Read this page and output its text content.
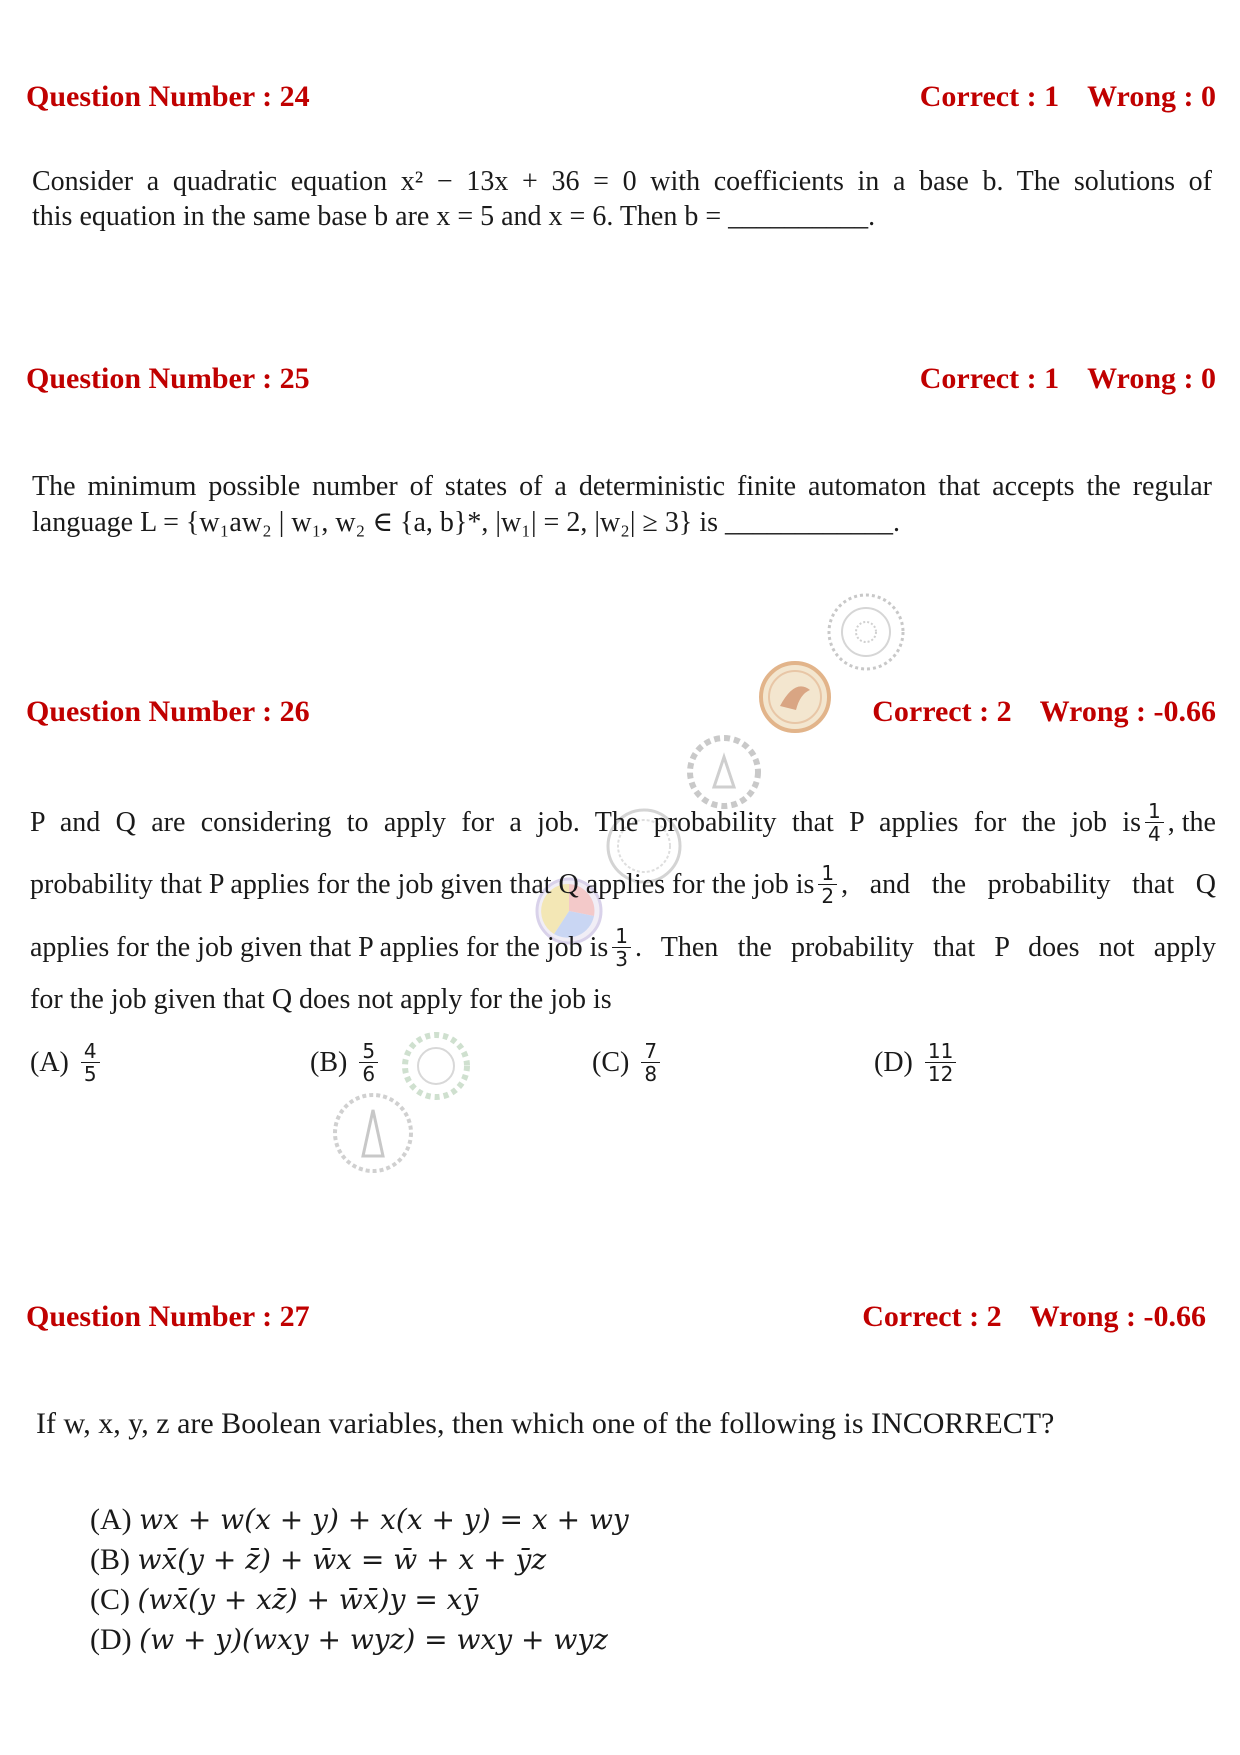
Question Number : 24	Correct : 1 Wrong : 0
Consider a quadratic equation x² − 13x + 36 = 0 with coefficients in a base b. The solutions of
this equation in the same base b are x = 5 and x = 6. Then b = __________.
Question Number : 25	Correct : 1 Wrong : 0
The minimum possible number of states of a deterministic finite automaton that accepts the regular
language L = {w₁aw₂ | w₁, w₂ ∈ {a, b}*, |w₁| = 2, |w₂| ≥ 3} is ____________.
Question Number : 26	Correct : 2 Wrong : -0.66
P and Q are considering to apply for a job. The probability that P applies for the job is $\frac{1}{4}$ , the
probability that P applies for the job given that Q applies for the job is $\frac{1}{2}$ , and the probability that Q
applies for the job given that P applies for the job is $\frac{1}{3}$ . Then the probability that P does not apply
for the job given that Q does not apply for the job is
$(A) \frac{4}{5}$	$(B) \frac{5}{6}$	$(C) \frac{7}{8}$	$(D) \frac{11}{12}$
Question Number : 27	Correct : 2 Wrong : -0.66
If w, x, y, z are Boolean variables, then which one of the following is INCORRECT?
(A) wx + w(x + y) + x(x + y) = x + wy
(B) wx̄(y + z̄) + w̄x = w̄ + x + ȳz
(C) (wx̄(y + xz̄) + w̄x̄)y = xȳ
(D) (w + y)(wxy + wyz) = wxy + wyz
